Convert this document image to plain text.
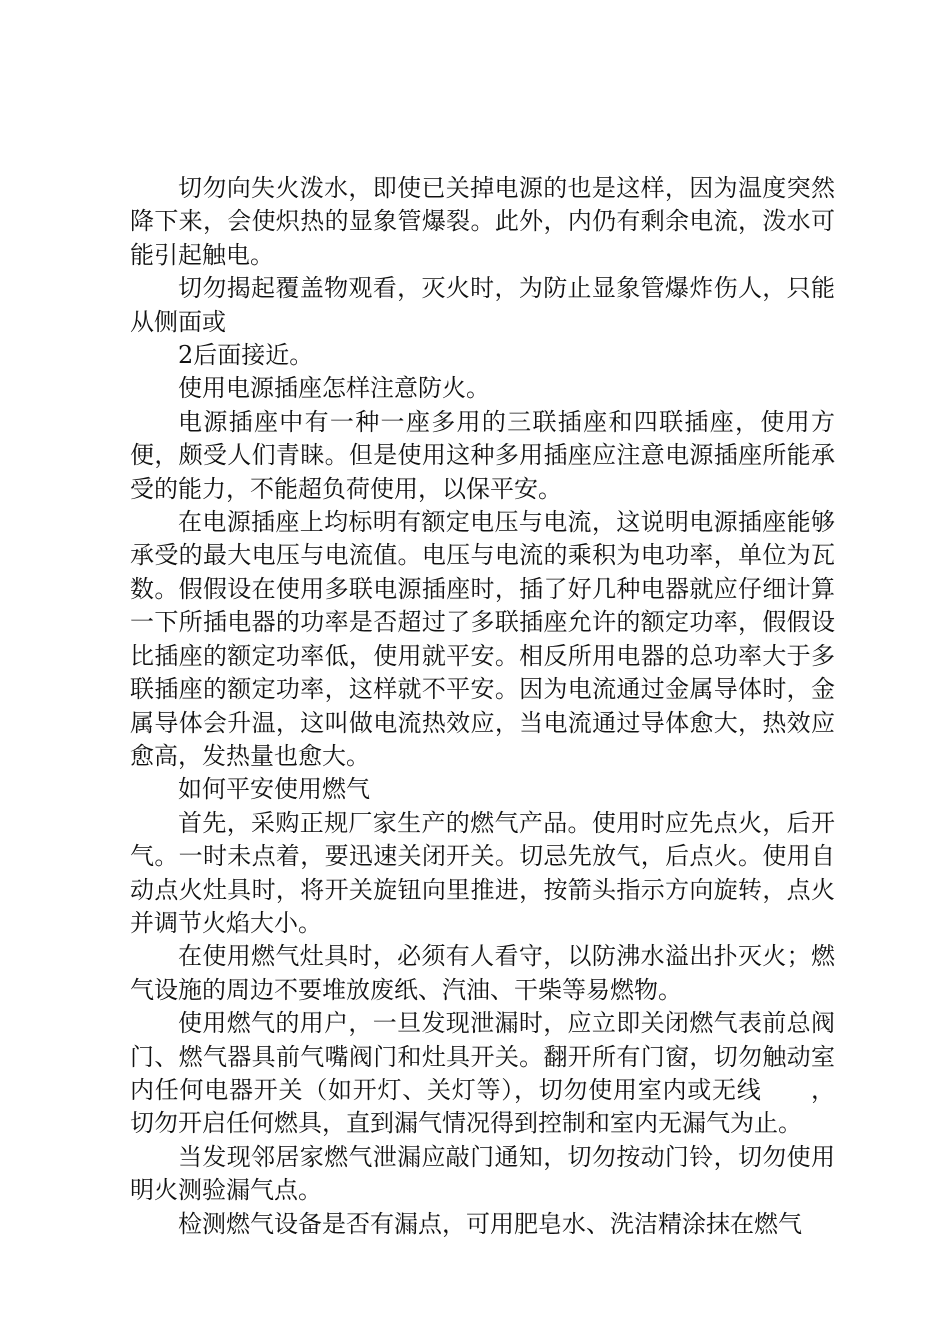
切勿向失火泼水，即使已关掉电源的也是这样，因为温度突然降下来，会使炽热的显象管爆裂。此外，内仍有剩余电流，泼水可能引起触电。

切勿揭起覆盖物观看，灭火时，为防止显象管爆炸伤人，只能从侧面或

2后面接近。

使用电源插座怎样注意防火。

电源插座中有一种一座多用的三联插座和四联插座，使用方便，颇受人们青睐。但是使用这种多用插座应注意电源插座所能承受的能力，不能超负荷使用，以保平安。

在电源插座上均标明有额定电压与电流，这说明电源插座能够承受的最大电压与电流值。电压与电流的乘积为电功率，单位为瓦数。假假设在使用多联电源插座时，插了好几种电器就应仔细计算一下所插电器的功率是否超过了多联插座允许的额定功率，假假设比插座的额定功率低，使用就平安。相反所用电器的总功率大于多联插座的额定功率，这样就不平安。因为电流通过金属导体时，金属导体会升温，这叫做电流热效应，当电流通过导体愈大，热效应愈高，发热量也愈大。

如何平安使用燃气

首先，采购正规厂家生产的燃气产品。使用时应先点火，后开气。一时未点着，要迅速关闭开关。切忌先放气，后点火。使用自动点火灶具时，将开关旋钮向里推进，按箭头指示方向旋转，点火并调节火焰大小。

在使用燃气灶具时，必须有人看守，以防沸水溢出扑灭火；燃气设施的周边不要堆放废纸、汽油、干柴等易燃物。

使用燃气的用户，一旦发现泄漏时，应立即关闭燃气表前总阀门、燃气器具前气嘴阀门和灶具开关。翻开所有门窗，切勿触动室内任何电器开关（如开灯、关灯等），切勿使用室内或无线　　，切勿开启任何燃具，直到漏气情况得到控制和室内无漏气为止。

当发现邻居家燃气泄漏应敲门通知，切勿按动门铃，切勿使用明火测验漏气点。

检测燃气设备是否有漏点，可用肥皂水、洗洁精涂抹在燃气
